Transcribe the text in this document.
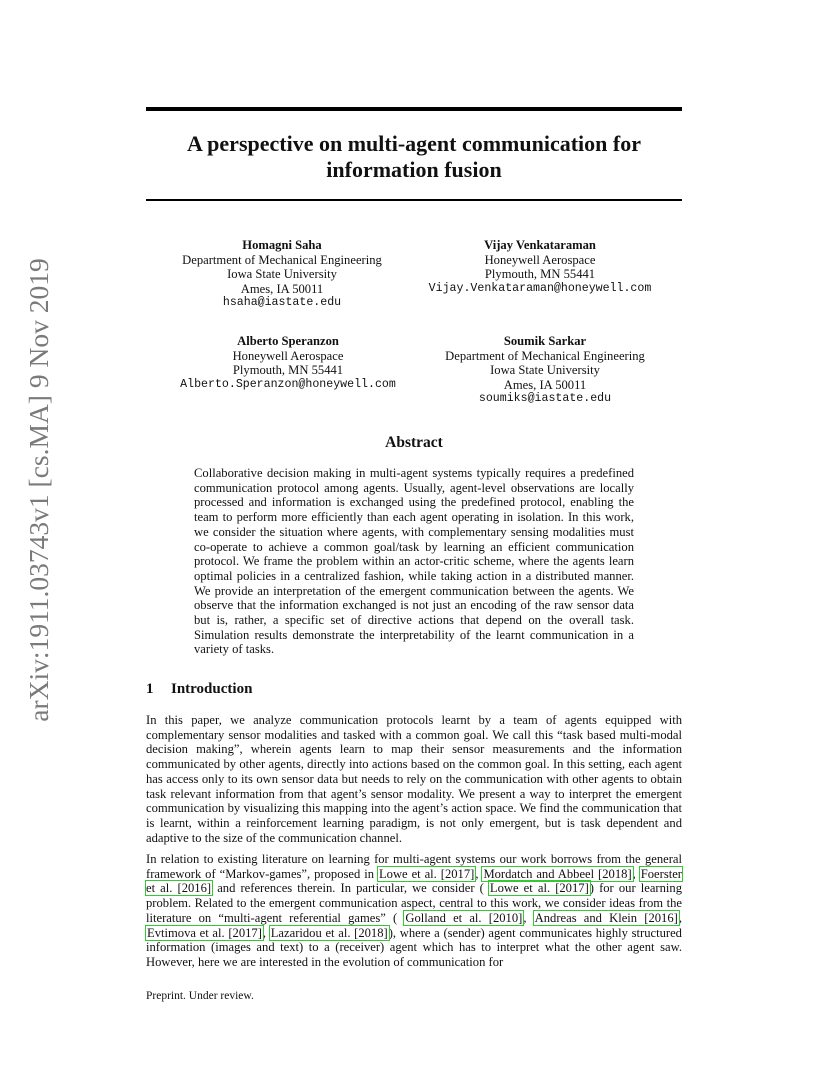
arXiv:1911.03743v1 [cs.MA] 9 Nov 2019
A perspective on multi-agent communication for
information fusion
Homagni Saha
Department of Mechanical Engineering
Iowa State University
Ames, IA 50011
hsaha@iastate.edu
Vijay Venkataraman
Honeywell Aerospace
Plymouth, MN 55441
Vijay.Venkataraman@honeywell.com
Alberto Speranzon
Honeywell Aerospace
Plymouth, MN 55441
Alberto.Speranzon@honeywell.com
Soumik Sarkar
Department of Mechanical Engineering
Iowa State University
Ames, IA 50011
soumiks@iastate.edu
Abstract

Collaborative decision making in multi-agent systems typically requires a predefined communication protocol among agents. Usually, agent-level observations are locally processed and information is exchanged using the predefined protocol, enabling the team to perform more efficiently than each agent operating in isolation. In this work, we consider the situation where agents, with complementary sensing modalities must co-operate to achieve a common goal/task by learning an efficient communication protocol. We frame the problem within an actor-critic scheme, where the agents learn optimal policies in a centralized fashion, while taking action in a distributed manner. We provide an interpretation of the emergent communication between the agents. We observe that the information exchanged is not just an encoding of the raw sensor data but is, rather, a specific set of directive actions that depend on the overall task. Simulation results demonstrate the interpretability of the learnt communication in a variety of tasks.

1 Introduction

In this paper, we analyze communication protocols learnt by a team of agents equipped with complementary sensor modalities and tasked with a common goal. We call this “task based multi-modal decision making”, wherein agents learn to map their sensor measurements and the information communicated by other agents, directly into actions based on the common goal. In this setting, each agent has access only to its own sensor data but needs to rely on the communication with other agents to obtain task relevant information from that agent’s sensor modality. We present a way to interpret the emergent communication by visualizing this mapping into the agent’s action space. We find the communication that is learnt, within a reinforcement learning paradigm, is not only emergent, but is task dependent and adaptive to the size of the communication channel.

In relation to existing literature on learning for multi-agent systems our work borrows from the general framework of “Markov-games”, proposed in Lowe et al. [2017], Mordatch and Abbeel [2018], Foerster et al. [2016] and references therein. In particular, we consider ( Lowe et al. [2017]) for our learning problem. Related to the emergent communication aspect, central to this work, we consider ideas from the literature on “multi-agent referential games” ( Golland et al. [2010], Andreas and Klein [2016], Evtimova et al. [2017], Lazaridou et al. [2018]), where a (sender) agent communicates highly structured information (images and text) to a (receiver) agent which has to interpret what the other agent saw. However, here we are interested in the evolution of communication for

Preprint. Under review.
